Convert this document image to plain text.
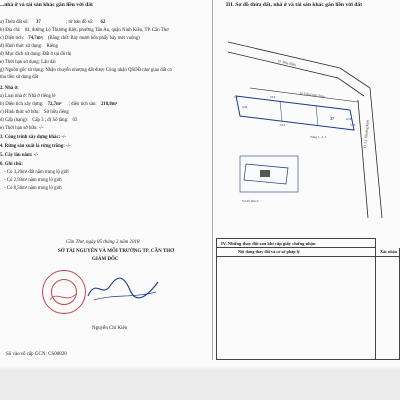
...nhà ở và tài sản khác gắn liền với đất	III. Sơ đồ thửa đất, nhà ở và tài sản khác gắn liền với đất
a) Thửa đất số: 37	; tờ bản đồ số: 62
b) Địa chỉ: 04, đường Lộ Thường Kiệt, phường Tân An, quận Ninh Kiều, TP. Cần Thơ
c) Diện tích: 74,7m²; (Bằng chữ: Bảy mươi bốn phẩy bảy mét vuông)
d) Hình thức sử dụng: Riêng
đ) Mục đích sử dụng: Đất ở tại đô thị
e) Thời hạn sử dụng: Lâu dài
g) Nguồn gốc sử dụng: Nhận chuyển nhượng đất được Công nhận QSDĐ như giao đất có
thu tiền sử dụng đất
2. Nhà ở:
a) Loại nhà ở: Nhà ở riêng lẻ
b) Diện tích xây dựng: 72,7m² ; diện tích sàn: 218,8m²
c) Hình thức sở hữu: Sở hữu riêng
d) Cấp (hạng): Cấp 3 ; đ) Số tầng: 03
e) Thời hạn sở hữu: -/-
3. Công trình xây dựng khác: -/-
4. Rừng sản xuất là rừng trồng: -/-
5. Cây lâu năm: -/-
6. Ghi chú:
- Có 3,20m² đất nằm trong lộ giới
- Có 2,93m² nằm trong lộ giới
- Có 8,56m² nằm trong lộ giới
Cần Thơ, ngày 05 tháng 2 năm 2018
SỞ TÀI NGUYÊN VÀ MÔI TRƯỜNG TP. CẦN THƠ
GIÁM ĐỐC
Nguyễn Chí Kiên
Số vào sổ cấp GCN: CS00820
Đ. Hòa Bình
Đ. Trần Quốc Toản
Đ. Lý Thường Kiệt
37
Tầng 1, 2, 3
4,06
18,4
18,0
4,56
5,76
1,5
Sơ đồ nhà ở
IV. Những thay đổi sau khi cấp giấy chứng nhận
Nội dung thay đổi và cơ sở pháp lý	Xác nhận
